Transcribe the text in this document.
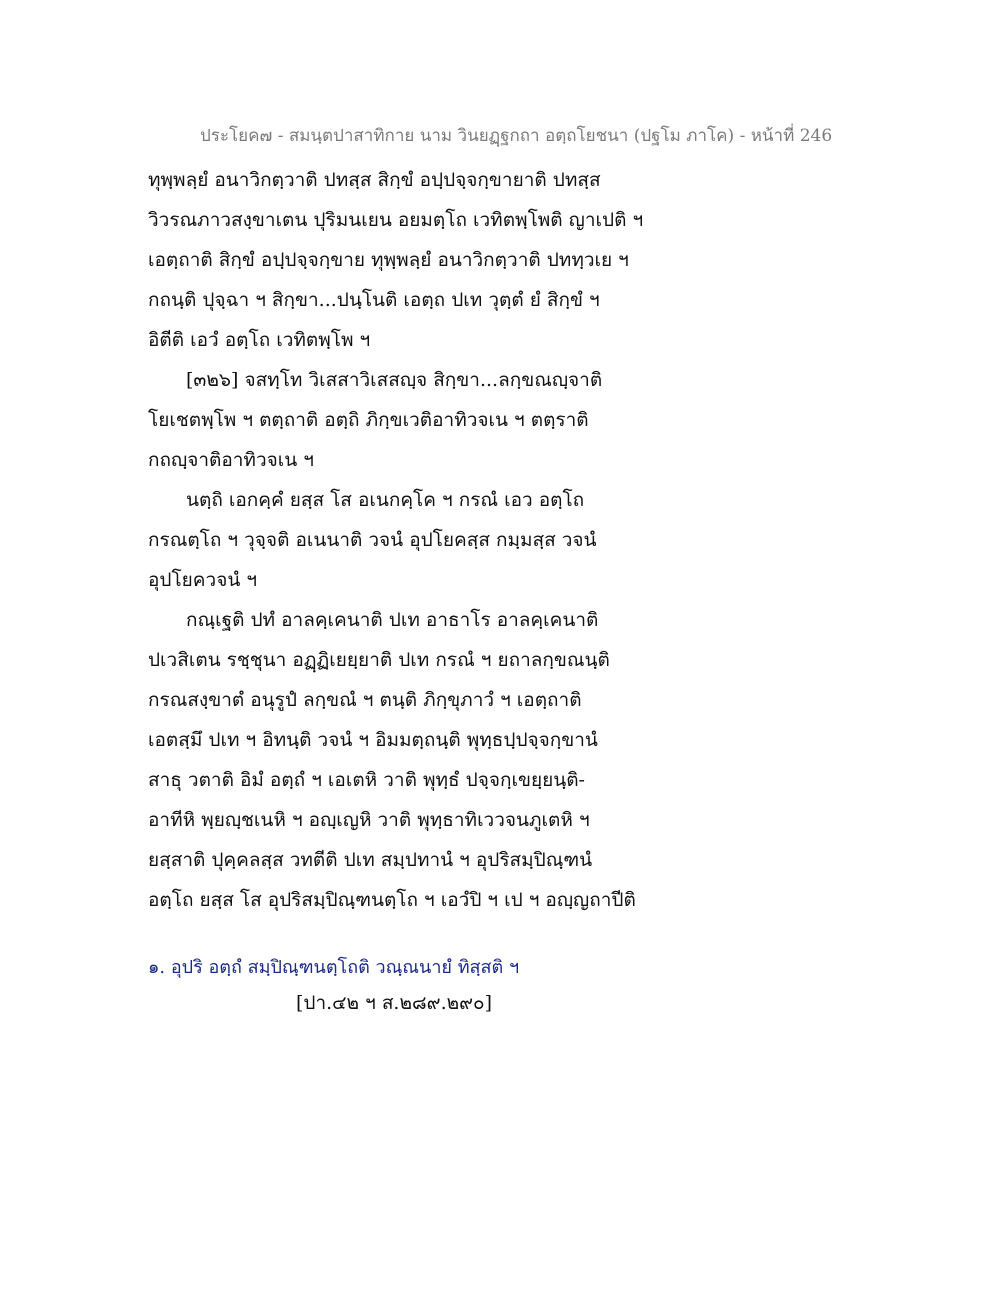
ประโยค๗ - สมนฺตปาสาทิกาย นาม วินยฏฺฐกถา อตฺถโยชนา (ปฐโม ภาโค) - หน้าที่ 246
ทุพฺพลฺยํ อนาวิกตฺวาติ ปทสฺส สิกฺขํ อปฺปจฺจกฺขายาติ ปทสฺส
วิวรณภาวสงฺขาเตน ปุริมนเยน อยมตฺโถ เวทิตพฺโพติ ญาเปติ ฯ
เอตฺถาติ สิกฺขํ อปฺปจฺจกฺขาย ทุพฺพลฺยํ อนาวิกตฺวาติ ปททฺวเย ฯ
กถนฺติ ปุจฺฉา ฯ สิกฺขา...ปนฺโนติ เอตฺถ ปเท วุตฺตํ ยํ สิกฺขํ ฯ
อิตีติ เอวํ อตฺโถ เวทิตพฺโพ ฯ
[๓๒๖] จสทฺโท วิเสสาวิเสสญฺจ สิกฺขา...ลกฺขณญฺจาติ
โยเชตพฺโพ ฯ ตตฺถาติ อตฺถิ ภิกฺขเวติอาทิวจเน ฯ ตตฺราติ
กถญฺจาติอาทิวจเน ฯ
นตฺถิ เอกคฺคํ ยสฺส โส อเนกคฺโค ฯ กรณํ เอว อตฺโถ
กรณตฺโถ ฯ วุจฺจติ อเนนาติ วจนํ อุปโยคสฺส กมฺมสฺส วจนํ
อุปโยควจนํ ฯ
กณฺเฐติ ปทํ อาลคฺเคนาติ ปเท อาธาโร อาลคฺเคนาติ
ปเวสิเตน รชฺชุนา อฏฺฏิเยยฺยาติ ปเท กรณํ ฯ ยถาลกฺขณนฺติ
กรณสงฺขาตํ อนุรูปํ ลกฺขณํ ฯ ตนฺติ ภิกฺขุภาวํ ฯ เอตฺถาติ
เอตสฺมึ ปเท ฯ อิทนฺติ วจนํ ฯ อิมมตฺถนฺติ พุทฺธปฺปจฺจกฺขานํ
สาธุ วตาติ อิมํ อตฺถํ ฯ เอเตหิ วาติ พุทฺธํ ปจฺจกฺเขยฺยนฺติ-
อาทีหิ พฺยญฺชเนหิ ฯ อญฺเญหิ วาติ พุทฺธาทิเววจนภูเตหิ ฯ
ยสฺสาติ ปุคฺคลสฺส วทตีติ ปเท สมฺปทานํ ฯ อุปริสมฺปิณฺฑนํ
อตฺโถ ยสฺส โส อุปริสมฺปิณฺฑนตฺโถ ฯ เอวํปิ ฯ เป ฯ อญฺญถาปีติ
๑. อุปริ อตฺถํ สมฺปิณฺฑนตฺโถติ วณฺณนายํ ทิสฺสติ ฯ
[ปา.๔๒ ฯ ส.๒๘๙.๒๙๐]
